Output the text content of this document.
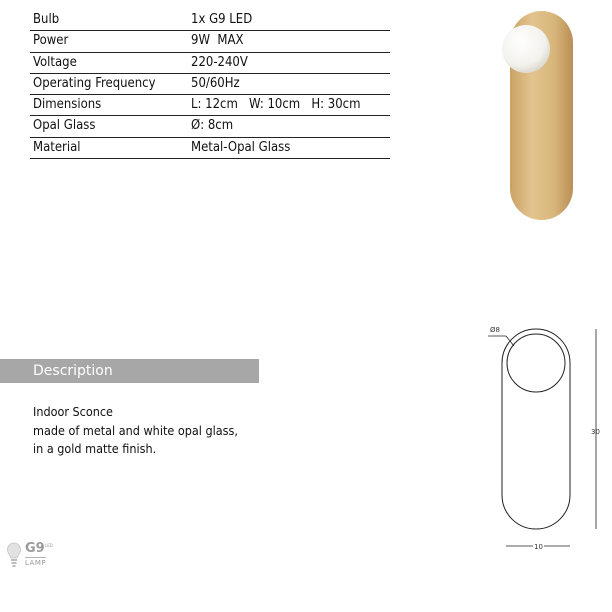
Bulb	1x G9 LED
Power	9W  MAX
Voltage	220-240V
Operating Frequency	50/60Hz
Dimensions	L: 12cm   W: 10cm   H: 30cm
Opal Glass	Ø: 8cm
Material	Metal-Opal Glass
Ø8
30
10
Description
Indoor Sconce
made of metal and white opal glass,
in a gold matte finish.
G9 LED
LAMP
